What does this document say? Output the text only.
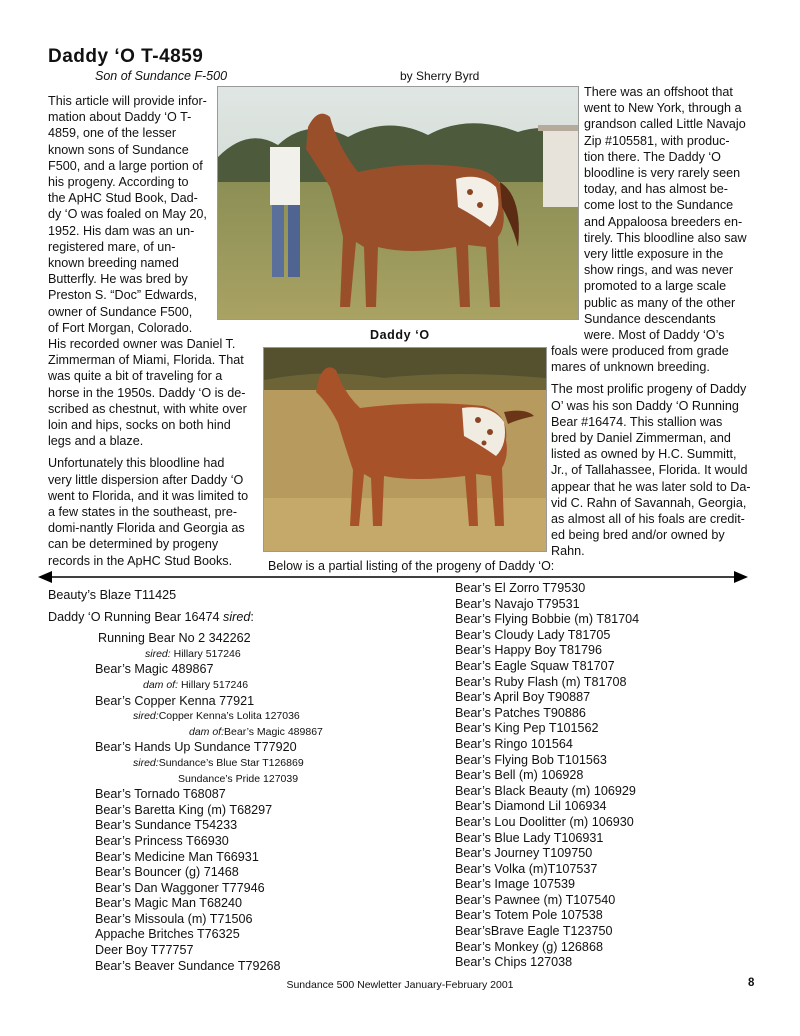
Daddy ‘O T-4859
Son of Sundance F-500	by Sherry Byrd
This article will provide infor-
mation about Daddy ‘O T-
4859, one of the lesser
known sons of Sundance
F500, and a large portion of
his progeny. According to
the ApHC Stud Book, Dad-
dy ‘O was foaled on May 20,
1952. His dam was an un-
registered mare, of un-
known breeding named
Butterfly. He was bred by
Preston S. “Doc” Edwards,
owner of Sundance F500,
of Fort Morgan, Colorado.
His recorded owner was Daniel T.
Zimmerman of Miami, Florida. That
was quite a bit of traveling for a
horse in the 1950s. Daddy ‘O is de-
scribed as chestnut, with white over
loin and hips, socks on both hind
legs and a blaze.
Unfortunately this bloodline had
very little dispersion after Daddy ‘O
went to Florida, and it was limited to
a few states in the southeast, pre-
domi-nantly Florida and Georgia as
can be determined by progeny
records in the ApHC Stud Books.
Daddy ‘O
There was an offshoot that
went to New York, through a
grandson called Little Navajo
Zip #105581, with produc-
tion there. The Daddy ‘O
bloodline is very rarely seen
today, and has almost be-
come lost to the Sundance
and Appaloosa breeders en-
tirely. This bloodline also saw
very little exposure in the
show rings, and was never
promoted to a large scale
public as many of the other
Sundance descendants
were. Most of Daddy ‘O’s
foals were produced from grade
mares of unknown breeding.
The most prolific progeny of Daddy
O’ was his son Daddy ‘O Running
Bear #16474. This stallion was
bred by Daniel Zimmerman, and
listed as owned by H.C. Summitt,
Jr., of Tallahassee, Florida. It would
appear that he was later sold to Da-
vid C. Rahn of Savannah, Georgia,
as almost all of his foals are credit-
ed being bred and/or owned by
Rahn.
Below is a partial listing of the progeny of Daddy ‘O:
Beauty’s Blaze T11425
Daddy ‘O Running Bear 16474 sired:
Running Bear No 2 342262
sired: Hillary 517246
Bear’s Magic 489867
dam of: Hillary 517246
Bear’s Copper Kenna 77921
sired:Copper Kenna’s Lolita 127036
dam of:Bear’s Magic 489867
Bear’s Hands Up Sundance T77920
sired:Sundance’s Blue Star T126869
Sundance’s Pride 127039
Bear’s Tornado T68087
Bear’s Baretta King (m) T68297
Bear’s Sundance T54233
Bear’s Princess T66930
Bear’s Medicine Man T66931
Bear’s Bouncer (g) 71468
Bear’s Dan Waggoner T77946
Bear’s Magic Man T68240
Bear’s Missoula (m) T71506
Appache Britches T76325
Deer Boy T77757
Bear’s Beaver Sundance T79268
Bear’s El Zorro T79530
Bear’s Navajo T79531
Bear’s Flying Bobbie (m) T81704
Bear’s Cloudy Lady T81705
Bear’s Happy Boy T81796
Bear’s Eagle Squaw T81707
Bear’s Ruby Flash (m) T81708
Bear’s April Boy T90887
Bear’s Patches T90886
Bear’s King Pep T101562
Bear’s Ringo 101564
Bear’s Flying Bob T101563
Bear’s Bell (m) 106928
Bear’s Black Beauty (m) 106929
Bear’s Diamond Lil 106934
Bear’s Lou Doolitter (m) 106930
Bear’s Blue Lady T106931
Bear’s Journey T109750
Bear’s Volka (m)T107537
Bear’s Image 107539
Bear’s Pawnee (m) T107540
Bear’s Totem Pole 107538
Bear’sBrave Eagle T123750
Bear’s Monkey (g) 126868
Bear’s Chips 127038
Sundance 500 Newletter January-February 2001	8
